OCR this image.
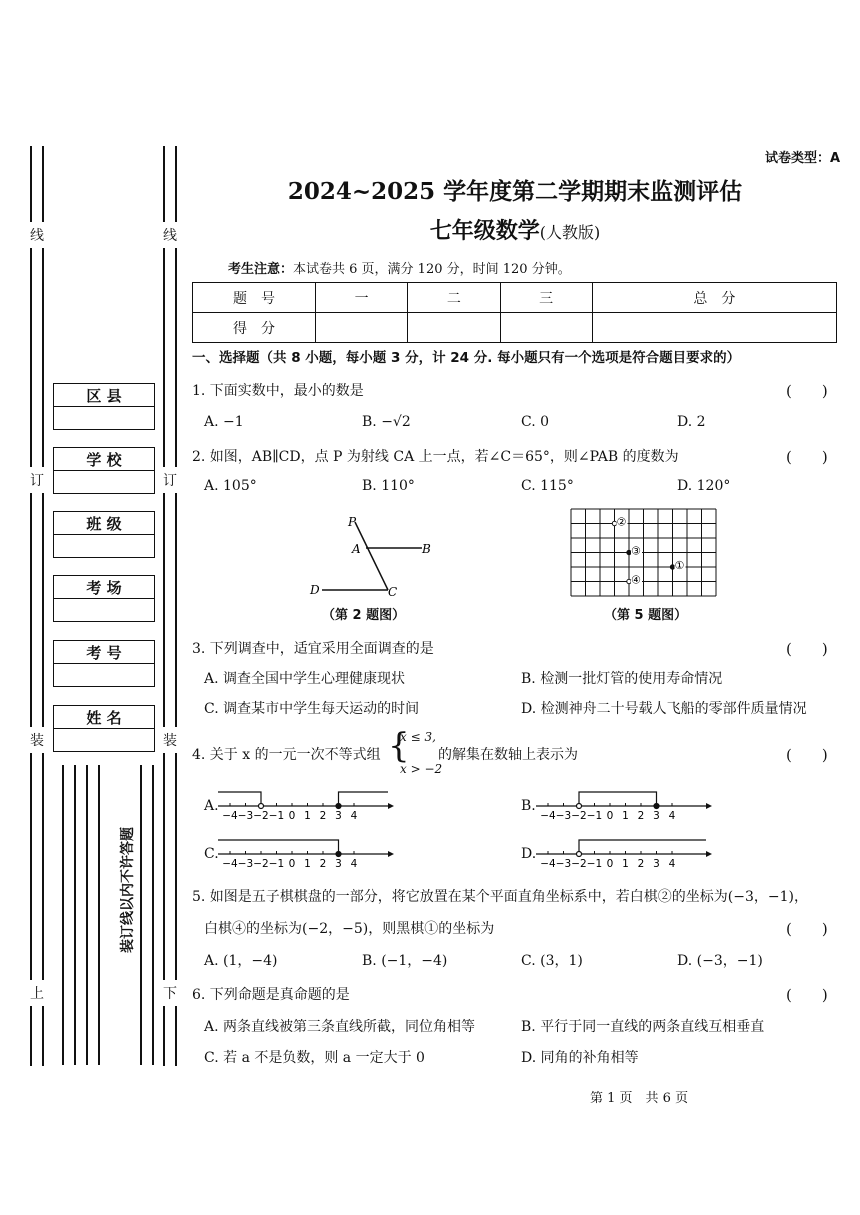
线	线
订	订
装	装
上	下
装订线以内不许答题
区 县
学 校
班 级
考 场
考 号
姓 名
试卷类型：A
2024~2025 学年度第二学期期末监测评估
七年级数学(人教版)
考生注意：本试卷共 6 页，满分 120 分，时间 120 分钟。
题　号	一	二	三	总　分
得　分				
一、选择题（共 8 小题，每小题 3 分，计 24 分. 每小题只有一个选项是符合题目要求的）
1. 下面实数中，最小的数是	(　　)
A. −1	B. −√2	C. 0	D. 2
2. 如图，AB∥CD，点 P 为射线 CA 上一点，若∠C＝65°，则∠PAB 的度数为	(　　)
A. 105°	B. 110°	C. 115°	D. 120°
P
A	B
D	C
（第 2 题图）
②
③
①
④
（第 5 题图）
3. 下列调查中，适宜采用全面调查的是	(　　)
A. 调查全国中学生心理健康现状	B. 检测一批灯管的使用寿命情况
C. 调查某市中学生每天运动的时间	D. 检测神舟二十号载人飞船的零部件质量情况
4. 关于 x 的一元一次不等式组 {
x ≤ 3,
x > −2
的解集在数轴上表示为	(　　)
A.	B.
C.	D.
−4 −3 −2 −1 0 1 2 3 4	−4 −3 −2 −1 0 1 2 3 4
−4 −3 −2 −1 0 1 2 3 4	−4 −3 −2 −1 0 1 2 3 4
5. 如图是五子棋棋盘的一部分，将它放置在某个平面直角坐标系中，若白棋②的坐标为(−3，−1)，
白棋④的坐标为(−2，−5)，则黑棋①的坐标为	(　　)
A. (1，−4)	B. (−1，−4)	C. (3，1)	D. (−3，−1)
6. 下列命题是真命题的是	(　　)
A. 两条直线被第三条直线所截，同位角相等	B. 平行于同一直线的两条直线互相垂直
C. 若 a 不是负数，则 a 一定大于 0	D. 同角的补角相等
第 1 页　共 6 页
